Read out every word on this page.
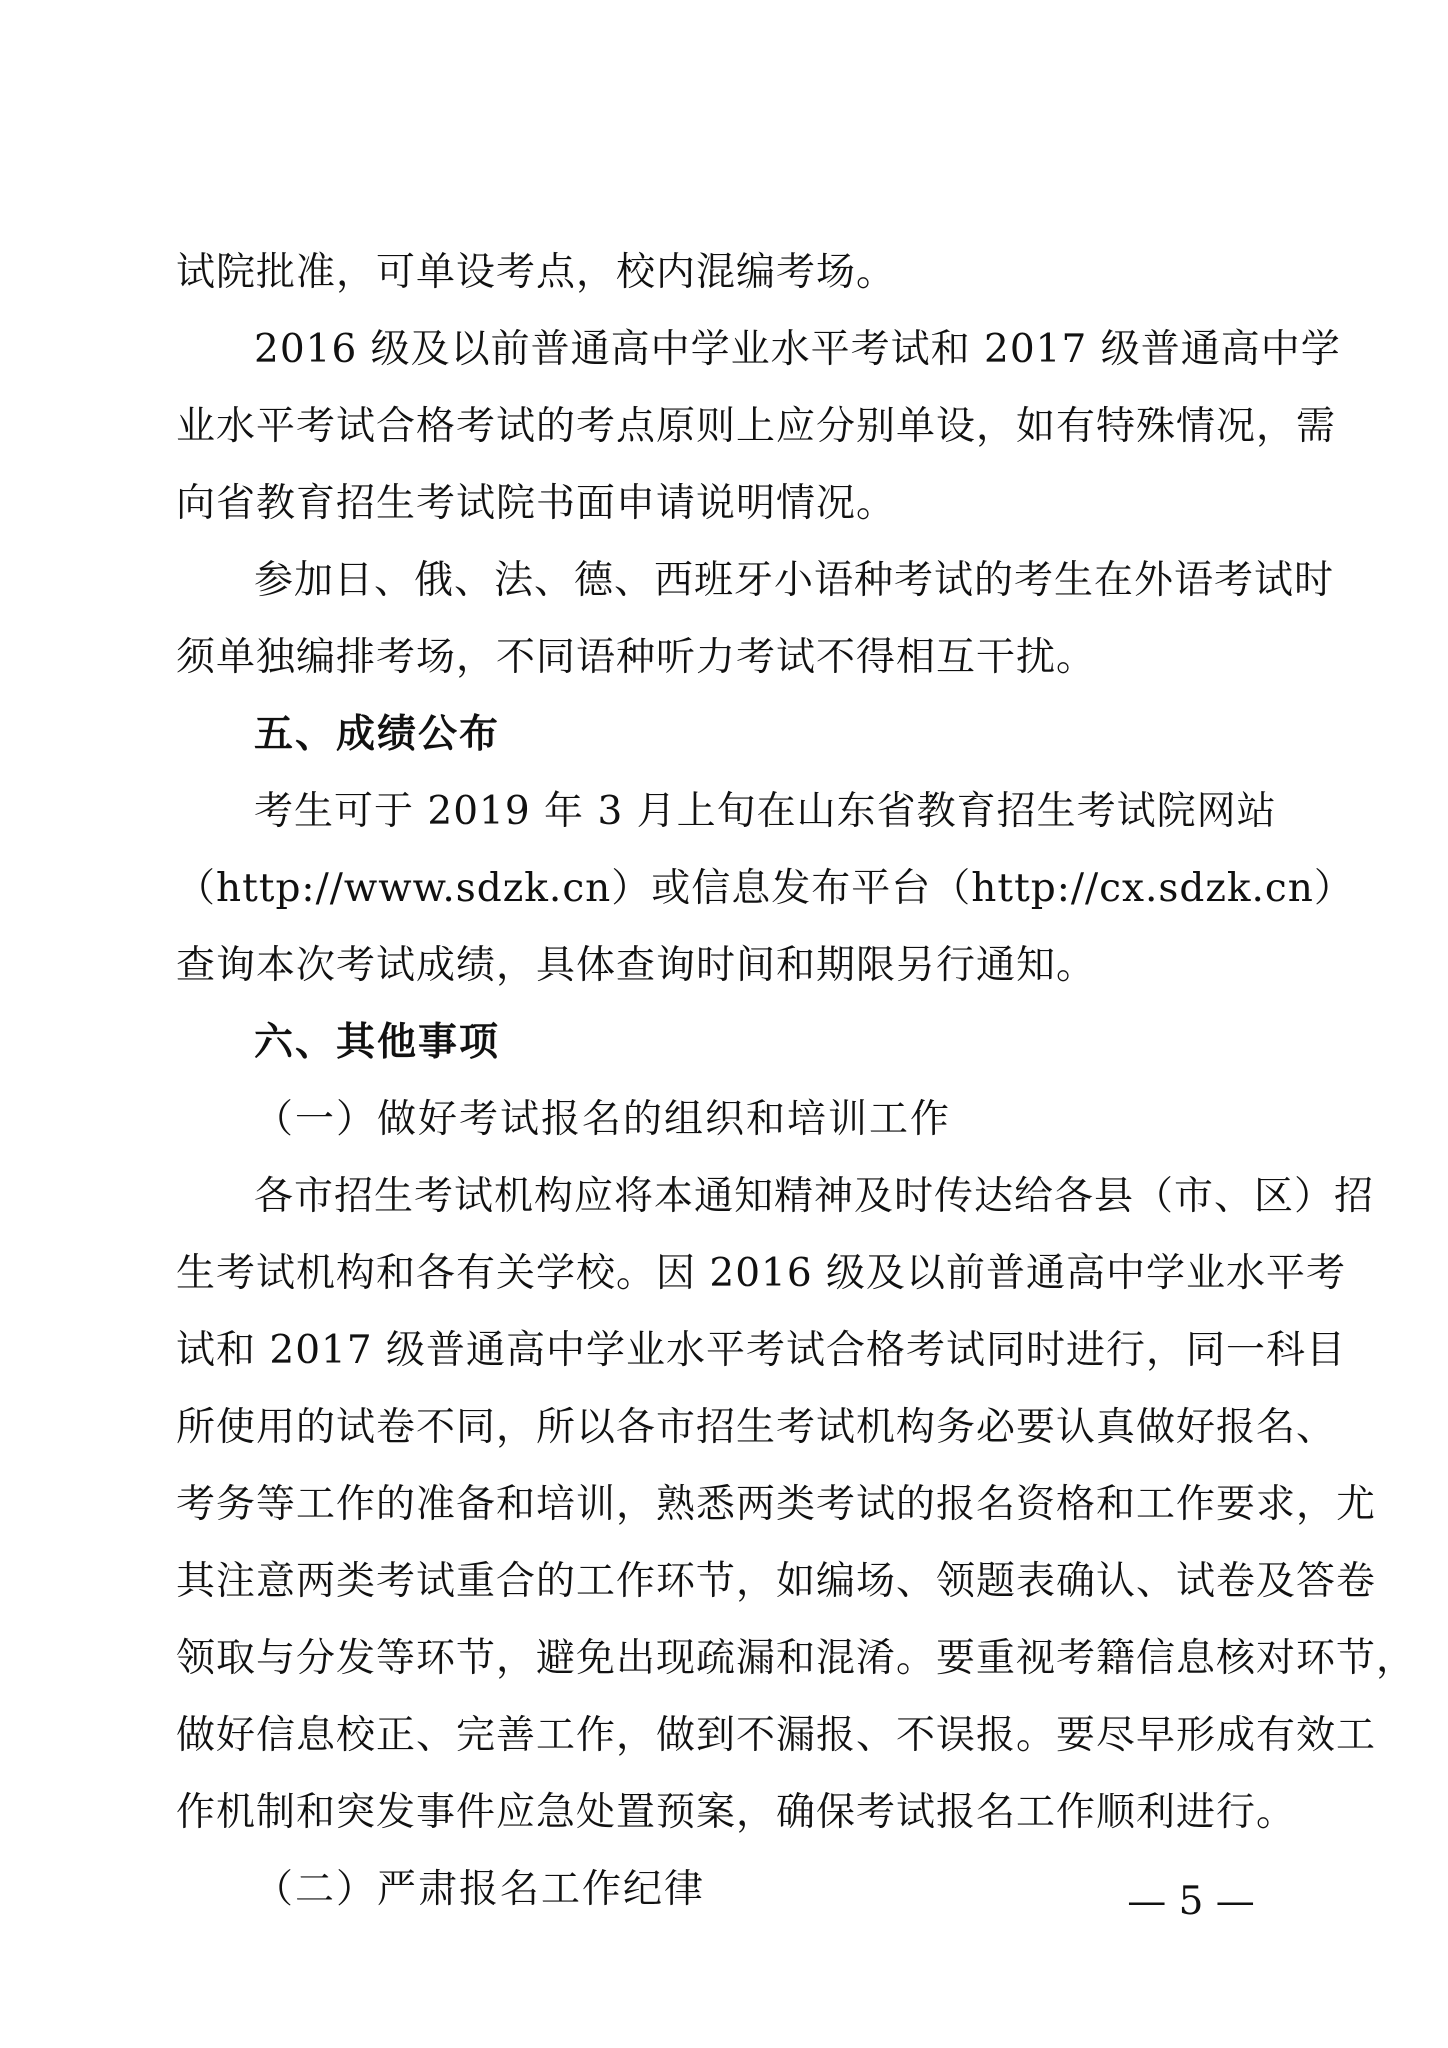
试院批准，可单设考点，校内混编考场。
2016 级及以前普通高中学业水平考试和 2017 级普通高中学
业水平考试合格考试的考点原则上应分别单设，如有特殊情况，需
向省教育招生考试院书面申请说明情况。
参加日、俄、法、德、西班牙小语种考试的考生在外语考试时
须单独编排考场，不同语种听力考试不得相互干扰。
五、成绩公布
考生可于 2019 年 3 月上旬在山东省教育招生考试院网站
（http://www.sdzk.cn）或信息发布平台（http://cx.sdzk.cn）
查询本次考试成绩，具体查询时间和期限另行通知。
六、其他事项
（一）做好考试报名的组织和培训工作
各市招生考试机构应将本通知精神及时传达给各县（市、区）招
生考试机构和各有关学校。因 2016 级及以前普通高中学业水平考
试和 2017 级普通高中学业水平考试合格考试同时进行，同一科目
所使用的试卷不同，所以各市招生考试机构务必要认真做好报名、
考务等工作的准备和培训，熟悉两类考试的报名资格和工作要求，尤
其注意两类考试重合的工作环节，如编场、领题表确认、试卷及答卷
领取与分发等环节，避免出现疏漏和混淆。要重视考籍信息核对环节，
做好信息校正、完善工作，做到不漏报、不误报。要尽早形成有效工
作机制和突发事件应急处置预案，确保考试报名工作顺利进行。
（二）严肃报名工作纪律	— 5 —
